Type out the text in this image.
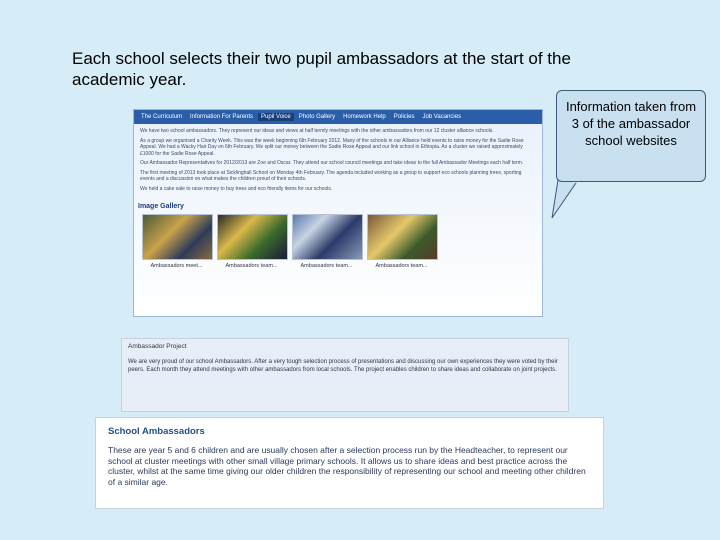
Each school selects their two pupil ambassadors at the start of the academic year.
The Curriculum	Information For Parents	Pupil Voice	Photo Gallery	Homework Help	Policies	Job Vacancies

We have two school ambassadors. They represent our ideas and views at half termly meetings with the other ambassadors from our 12 cluster alliance schools.

As a group we organised a Charity Week. This was the week beginning 6th February 2012. Many of the schools in our Alliance held events to raise money for the Sadie Rose Appeal. We had a Wacky Hair Day on 6th February. We split our money between the Sadie Rose Appeal and our link school in Ethiopia. As a cluster we raised approximately £1000 for the Sadie Rose Appeal.

Our Ambassador Representatives for 2012/2013 are Zoe and Oscar. They attend our school council meetings and take ideas to the full Ambassador Meetings each half term.

The first meeting of 2013 took place at Sicklinghall School on Monday 4th February. The agenda included working as a group to support eco schools planning trees, sporting events and a discussion on what makes the children proud of their schools.

We held a cake sale to raise money to buy trees and eco friendly items for our schools.

Image Gallery
Ambassadors meet...	Ambassadors team...	Ambassadors team...	Ambassadors team...
Information taken from 3 of the ambassador school websites
Ambassador Project
We are very proud of our school Ambassadors. After a very tough selection process of presentations and discussing our own experiences they were voted by their peers. Each month they attend meetings with other ambassadors from local schools. The project enables children to share ideas and collaborate on joint projects.
School Ambassadors
These are year 5 and 6 children and are usually chosen after a selection process run by the Headteacher, to represent our school at cluster meetings with other small village primary schools. It allows us to share ideas and best practice across the cluster, whilst at the same time giving our older children the responsibility of representing our school and meeting other children of a similar age.
